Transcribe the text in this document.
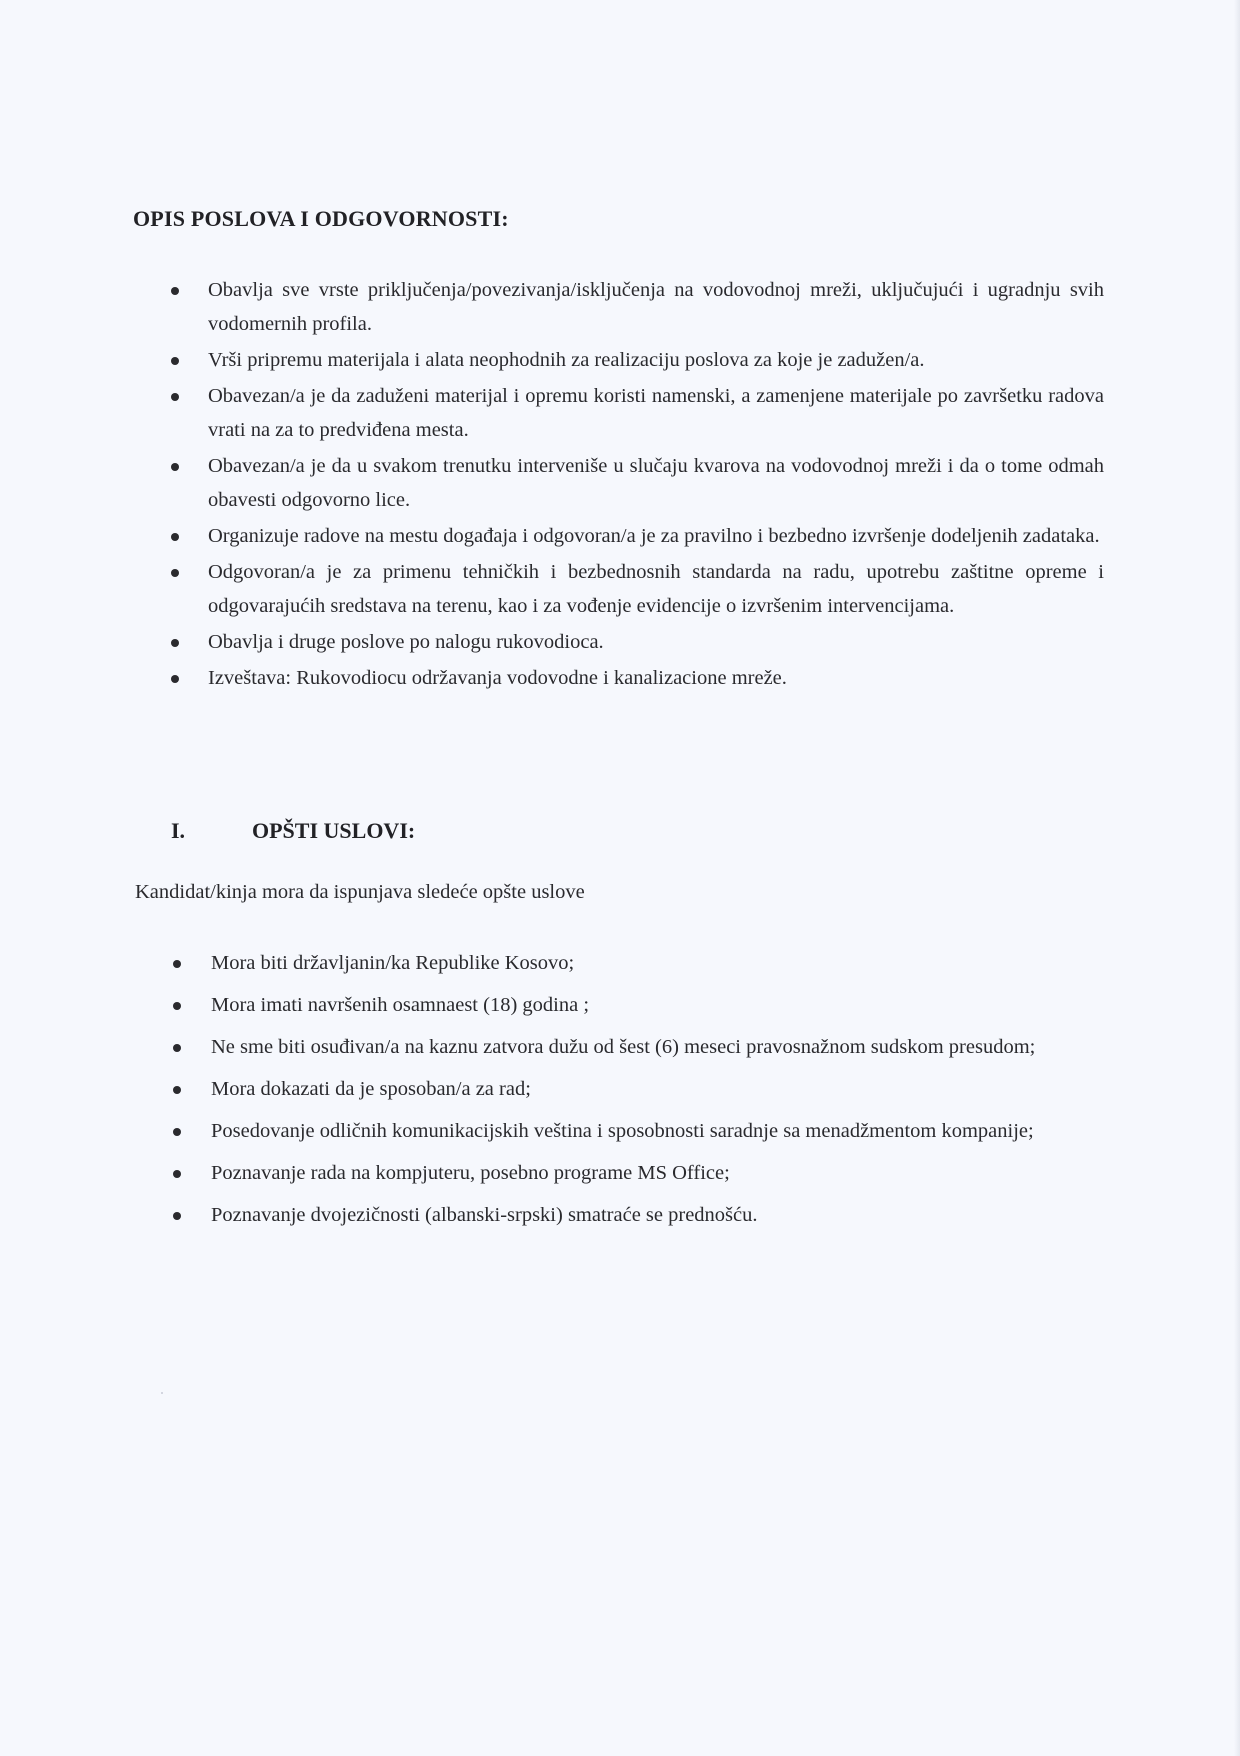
OPIS POSLOVA I ODGOVORNOSTI:
Obavlja sve vrste priključenja/povezivanja/isključenja na vodovodnoj mreži, uključujući i ugradnju svih vodomernih profila.
Vrši pripremu materijala i alata neophodnih za realizaciju poslova za koje je zadužen/a.
Obavezan/a je da zaduženi materijal i opremu koristi namenski, a zamenjene materijale po završetku radova vrati na za to predviđena mesta.
Obavezan/a je da u svakom trenutku interveniše u slučaju kvarova na vodovodnoj mreži i da o tome odmah obavesti odgovorno lice.
Organizuje radove na mestu događaja i odgovoran/a je za pravilno i bezbedno izvršenje dodeljenih zadataka.
Odgovoran/a je za primenu tehničkih i bezbednosnih standarda na radu, upotrebu zaštitne opreme i odgovarajućih sredstava na terenu, kao i za vođenje evidencije o izvršenim intervencijama.
Obavlja i druge poslove po nalogu rukovodioca.
Izveštava: Rukovodiocu održavanja vodovodne i kanalizacione mreže.
I.	OPŠTI USLOVI:

Kandidat/kinja mora da ispunjava sledeće opšte uslove

Mora biti državljanin/ka Republike Kosovo;
Mora imati navršenih osamnaest (18) godina ;
Ne sme biti osuđivan/a na kaznu zatvora dužu od šest (6) meseci pravosnažnom sudskom presudom;
Mora dokazati da je sposoban/a za rad;
Posedovanje odličnih komunikacijskih veština i sposobnosti saradnje sa menadžmentom kompanije;
Poznavanje rada na kompjuteru, posebno programe MS Office;
Poznavanje dvojezičnosti (albanski-srpski) smatraće se prednošću.
